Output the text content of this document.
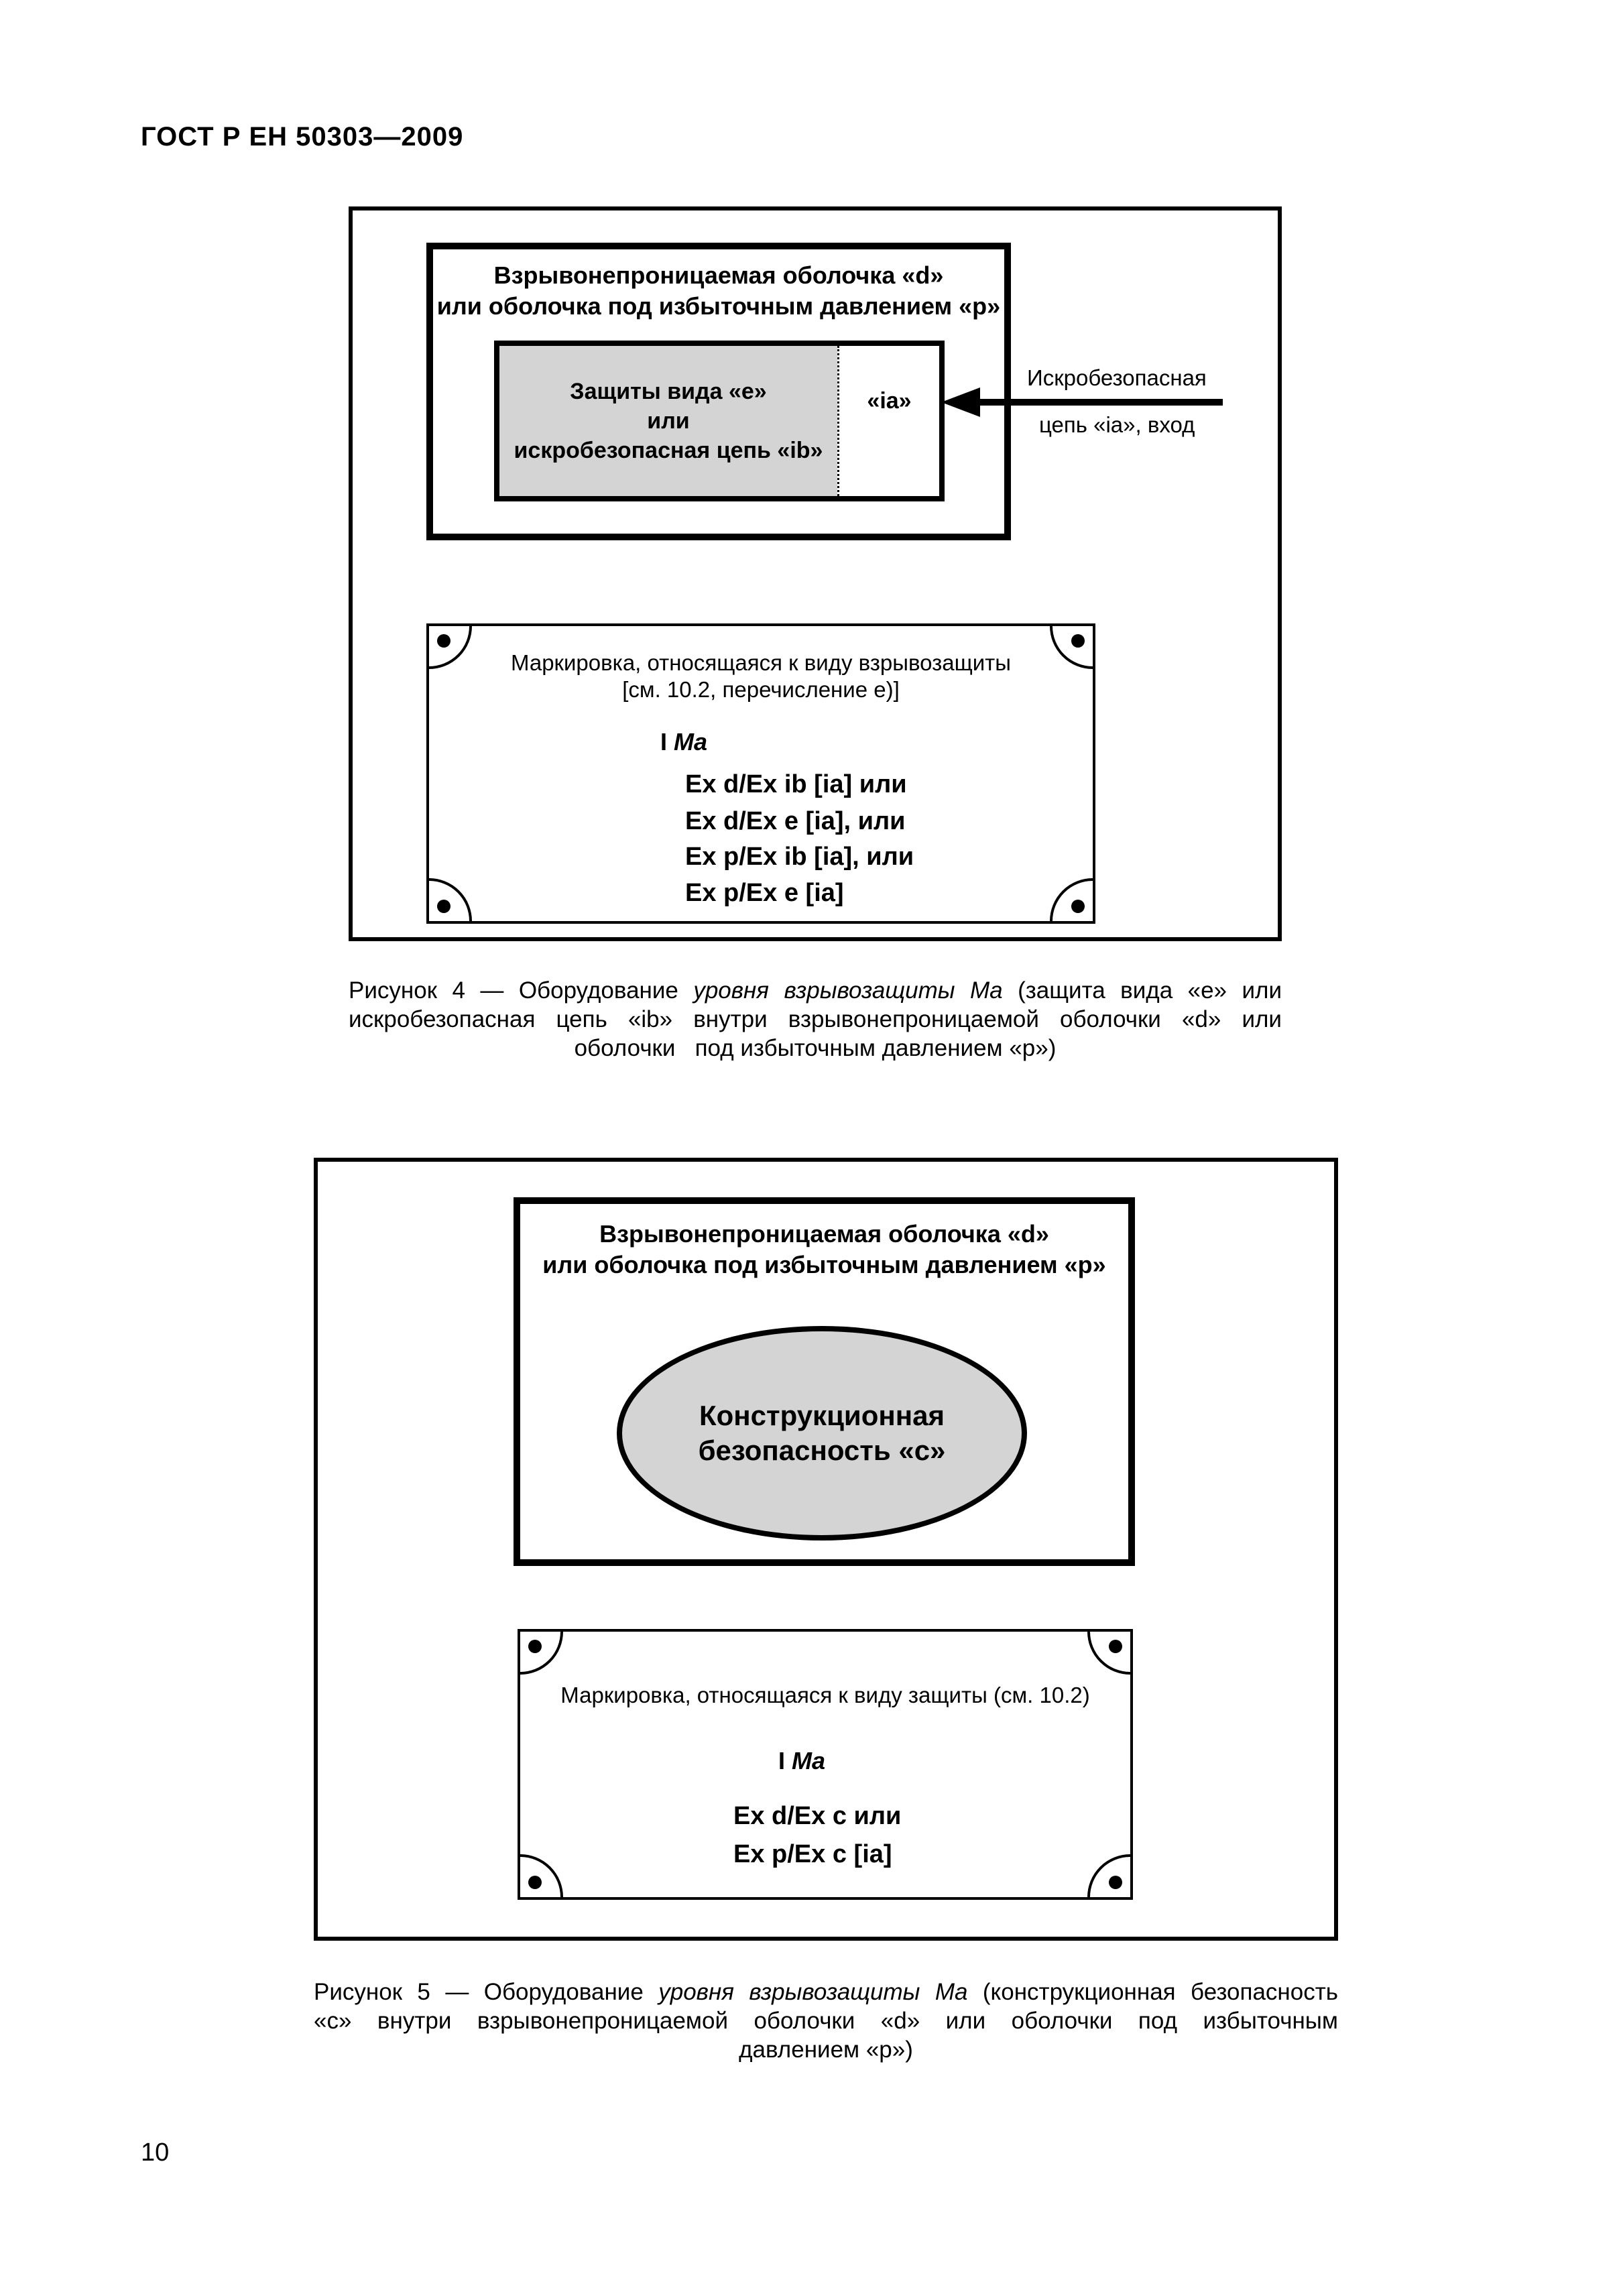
ГОСТ Р ЕН 50303—2009
Взрывонепроницаемая оболочка «d»
или оболочка под избыточным давлением «p»
Защиты вида «e»
или
искробезопасная цепь «ib»
«ia»
Искробезопасная
цепь «ia», вход
Маркировка, относящаяся к виду взрывозащиты
[см. 10.2, перечисление e)]
I Ma
Ex d/Ex ib [ia] или
Ex d/Ex e [ia], или
Ex p/Ex ib [ia], или
Ex p/Ex e [ia]
Рисунок 4 — Оборудование уровня взрывозащиты Ma (защита вида «е» или
искробезопасная цепь «ib» внутри взрывонепроницаемой оболочки «d» или
оболочки   под избыточным давлением «р»)
Взрывонепроницаемая оболочка «d»
или оболочка под избыточным давлением «p»
Конструкционная
безопасность «c»
Маркировка, относящаяся к виду защиты (см. 10.2)
I Ma
Ex d/Ex c или
Ex p/Ex c [ia]
Рисунок 5 — Оборудование уровня взрывозащиты Ma (конструкционная безопасность
«с» внутри взрывонепроницаемой оболочки «d» или оболочки под избыточным
давлением «р»)
10
